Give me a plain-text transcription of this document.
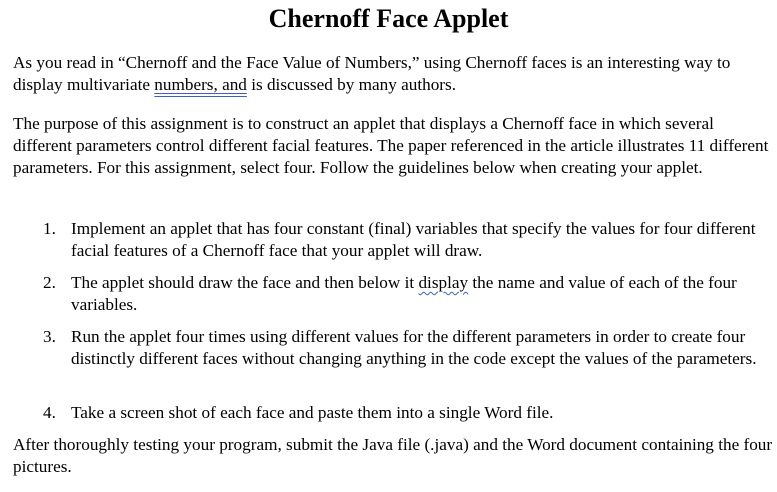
Chernoff Face Applet

As you read in “Chernoff and the Face Value of Numbers,” using Chernoff faces is an interesting way to display multivariate numbers, and is discussed by many authors.

The purpose of this assignment is to construct an applet that displays a Chernoff face in which several different parameters control different facial features. The paper referenced in the article illustrates 11 different parameters. For this assignment, select four. Follow the guidelines below when creating your applet.

1. Implement an applet that has four constant (final) variables that specify the values for four different facial features of a Chernoff face that your applet will draw.
2. The applet should draw the face and then below it display the name and value of each of the four variables.
3. Run the applet four times using different values for the different parameters in order to create four distinctly different faces without changing anything in the code except the values of the parameters.
4. Take a screen shot of each face and paste them into a single Word file.

After thoroughly testing your program, submit the Java file (.java) and the Word document containing the four pictures.
